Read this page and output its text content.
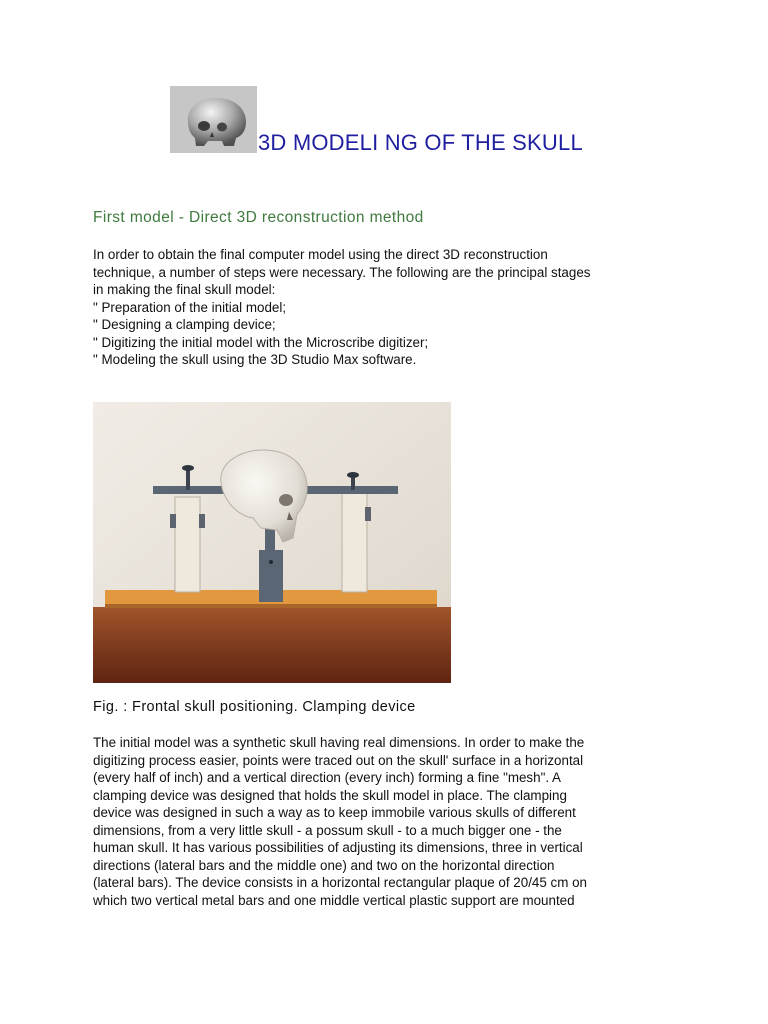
3D MODELI NG OF THE SKULL
First model - Direct 3D reconstruction method
In order to obtain the final computer model using the direct 3D reconstruction
technique, a number of steps were necessary. The following are the principal stages
in making the final skull model:
" Preparation of the initial model;
" Designing a clamping device;
" Digitizing the initial model with the Microscribe digitizer;
" Modeling the skull using the 3D Studio Max software.
Fig. : Frontal skull positioning. Clamping device
The initial model was a synthetic skull having real dimensions. In order to make the
digitizing process easier, points were traced out on the skull' surface in a horizontal
(every half of inch) and a vertical direction (every inch) forming a fine "mesh". A
clamping device was designed that holds the skull model in place. The clamping
device was designed in such a way as to keep immobile various skulls of different
dimensions, from a very little skull - a possum skull - to a much bigger one - the
human skull. It has various possibilities of adjusting its dimensions, three in vertical
directions (lateral bars and the middle one) and two on the horizontal direction
(lateral bars). The device consists in a horizontal rectangular plaque of 20/45 cm on
which two vertical metal bars and one middle vertical plastic support are mounted
